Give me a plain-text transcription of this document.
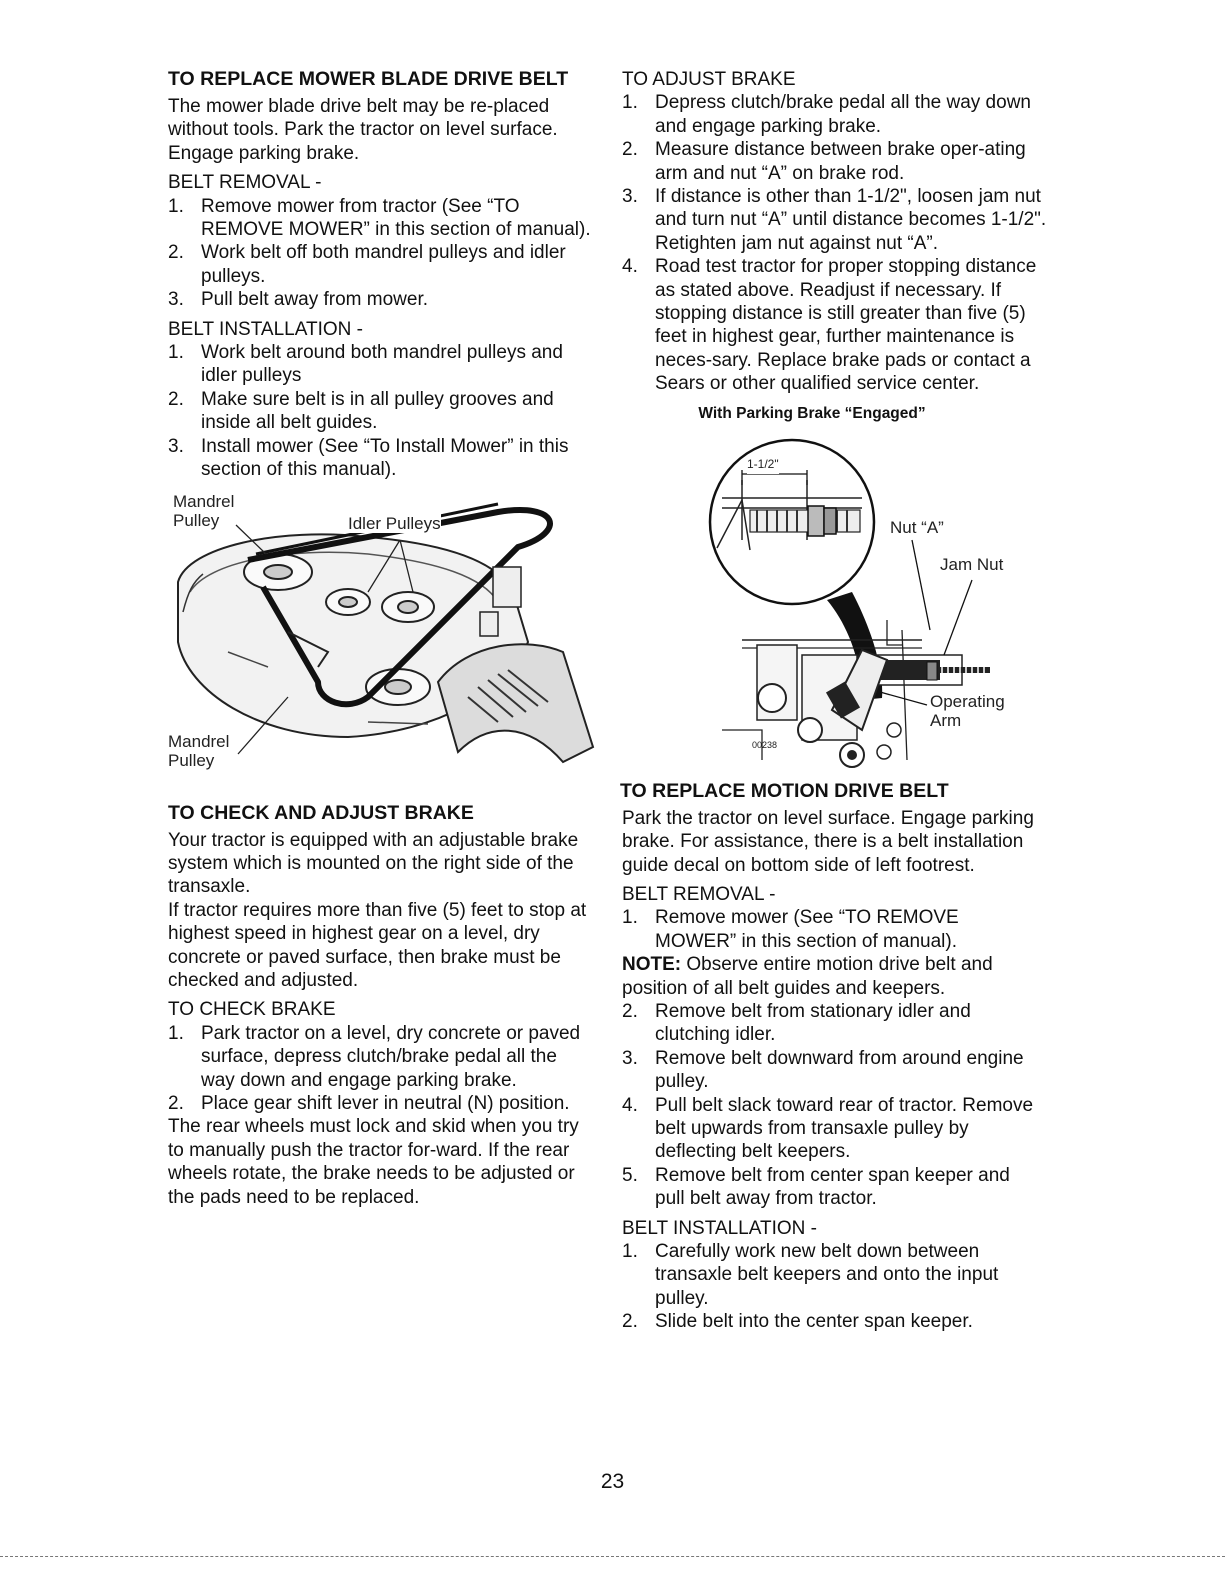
TO REPLACE MOWER BLADE DRIVE BELT

The mower blade drive belt may be re-placed without tools. Park the tractor on level surface. Engage parking brake.

BELT REMOVAL -

1. Remove mower from tractor (See “TO REMOVE MOWER” in this section of manual).
2. Work belt off both mandrel pulleys and idler pulleys.
3. Pull belt away from mower.

BELT INSTALLATION -

1. Work belt around both mandrel pulleys and idler pulleys
2. Make sure belt is in all pulley grooves and inside all belt guides.
3. Install mower (See “To Install Mower” in this section of this manual).
Mandrel
Pulley	Idler Pulleys
Mandrel
Pulley
TO CHECK AND ADJUST BRAKE

Your tractor is equipped with an adjustable brake system which is mounted on the right side of the transaxle.

If tractor requires more than five (5) feet to stop at highest speed in highest gear on a level, dry concrete or paved surface, then brake must be checked and adjusted.

TO CHECK BRAKE

1. Park tractor on a level, dry concrete or paved surface, depress clutch/brake pedal all the way down and engage parking brake.
2. Place gear shift lever in neutral (N) position.

The rear wheels must lock and skid when you try to manually push the tractor for-ward. If the rear wheels rotate, the brake needs to be adjusted or the pads need to be replaced.

TO ADJUST BRAKE

1. Depress clutch/brake pedal all the way down and engage parking brake.
2. Measure distance between brake oper-ating arm and nut “A” on brake rod.
3. If distance is other than 1-1/2", loosen jam nut and turn nut “A” until distance becomes 1-1/2". Retighten jam nut against nut “A”.
4. Road test tractor for proper stopping distance as stated above. Readjust if necessary. If stopping distance is still greater than five (5) feet in highest gear, further maintenance is neces-sary. Replace brake pads or contact a Sears or other qualified service center.

With Parking Brake “Engaged”

1-1/2"
Nut “A”
Jam Nut
Operating
Arm
00238
TO REPLACE MOTION DRIVE BELT

Park the tractor on level surface. Engage parking brake. For assistance, there is a belt installation guide decal on bottom side of left footrest.

BELT REMOVAL -

1. Remove mower (See “TO REMOVE MOWER” in this section of manual).

NOTE: Observe entire motion drive belt and position of all belt guides and keepers.

2. Remove belt from stationary idler and clutching idler.
3. Remove belt downward from around engine pulley.
4. Pull belt slack toward rear of tractor. Remove belt upwards from transaxle pulley by deflecting belt keepers.
5. Remove belt from center span keeper and pull belt away from tractor.

BELT INSTALLATION -

1. Carefully work new belt down between transaxle belt keepers and onto the input pulley.
2. Slide belt into the center span keeper.
23
